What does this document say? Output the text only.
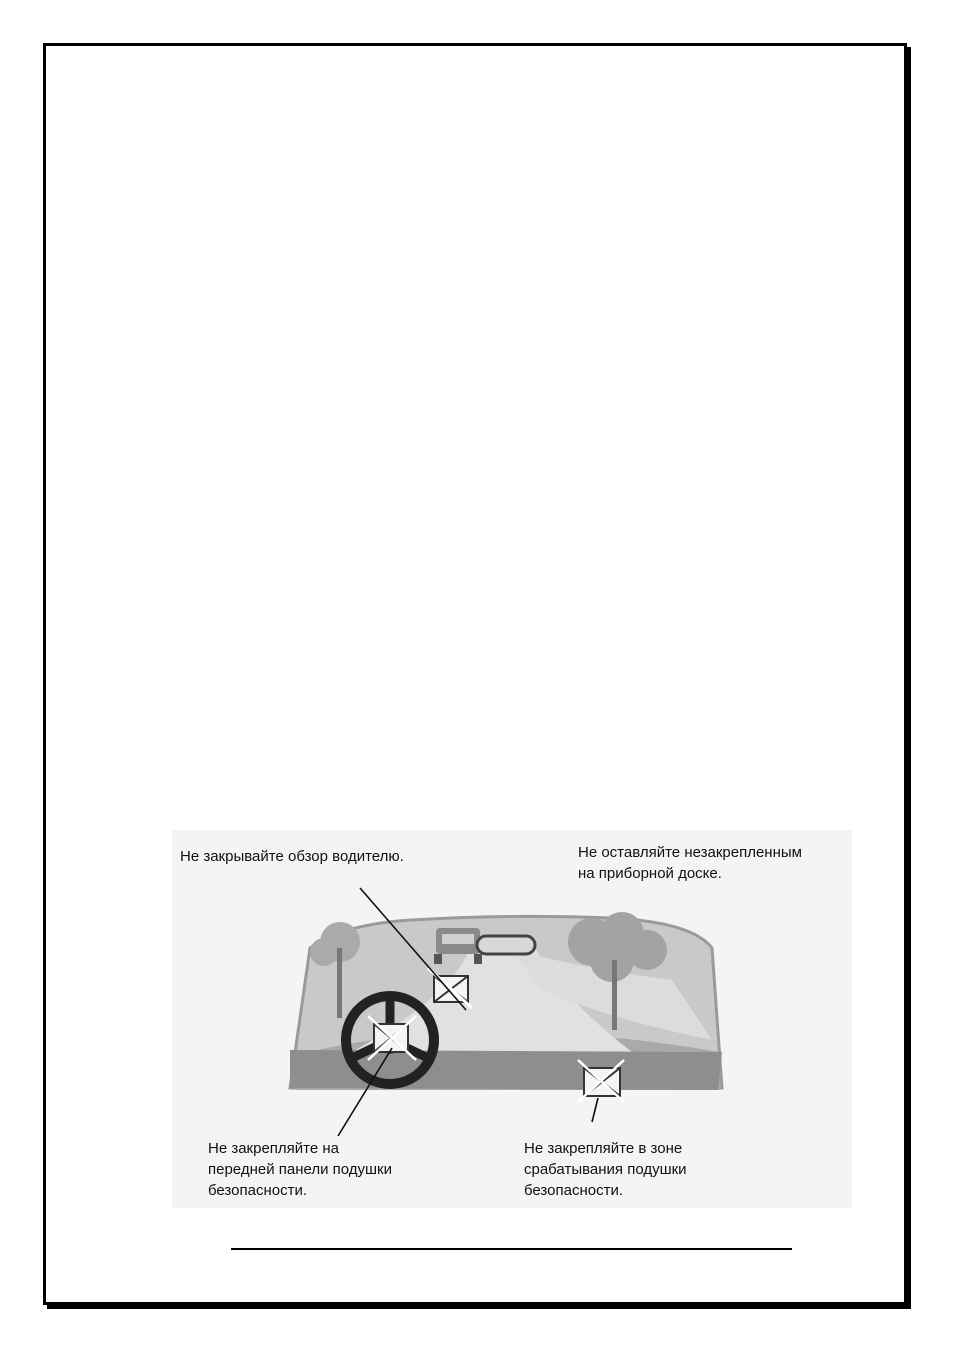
Не закрывайте обзор водителю.	Не оставляйте незакрепленным
на приборной доске.
Не закрепляйте на
передней панели подушки
безопасности.
Не закрепляйте в зоне
срабатывания подушки
безопасности.
